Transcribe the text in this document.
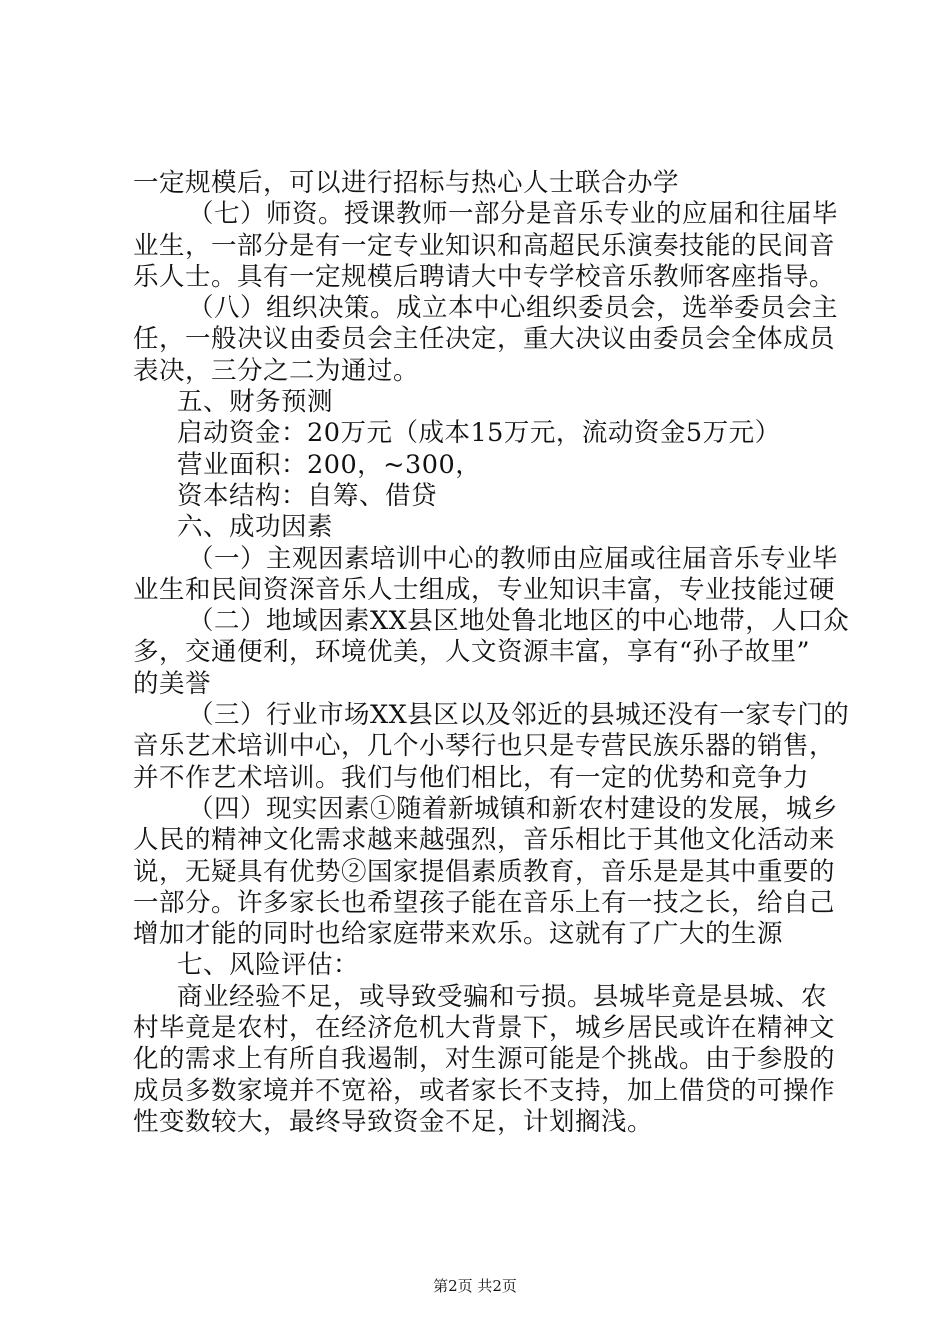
一定规模后，可以进行招标与热心人士联合办学
（七）师资。授课教师一部分是音乐专业的应届和往届毕
业生，一部分是有一定专业知识和高超民乐演奏技能的民间音
乐人士。具有一定规模后聘请大中专学校音乐教师客座指导。
（八）组织决策。成立本中心组织委员会，选举委员会主
任，一般决议由委员会主任决定，重大决议由委员会全体成员
表决，三分之二为通过。
五、财务预测
启动资金：20万元（成本15万元，流动资金5万元）
营业面积：200，~300，
资本结构：自筹、借贷
六、成功因素
（一）主观因素培训中心的教师由应届或往届音乐专业毕
业生和民间资深音乐人士组成，专业知识丰富，专业技能过硬
（二）地域因素XX县区地处鲁北地区的中心地带，人口众
多，交通便利，环境优美，人文资源丰富，享有“孙子故里”
的美誉
（三）行业市场XX县区以及邻近的县城还没有一家专门的
音乐艺术培训中心，几个小琴行也只是专营民族乐器的销售，
并不作艺术培训。我们与他们相比，有一定的优势和竞争力
（四）现实因素①随着新城镇和新农村建设的发展，城乡
人民的精神文化需求越来越强烈，音乐相比于其他文化活动来
说，无疑具有优势②国家提倡素质教育，音乐是是其中重要的
一部分。许多家长也希望孩子能在音乐上有一技之长，给自己
增加才能的同时也给家庭带来欢乐。这就有了广大的生源
七、风险评估：
商业经验不足，或导致受骗和亏损。县城毕竟是县城、农
村毕竟是农村，在经济危机大背景下，城乡居民或许在精神文
化的需求上有所自我遏制，对生源可能是个挑战。由于参股的
成员多数家境并不宽裕，或者家长不支持，加上借贷的可操作
性变数较大，最终导致资金不足，计划搁浅。
第2页 共2页
